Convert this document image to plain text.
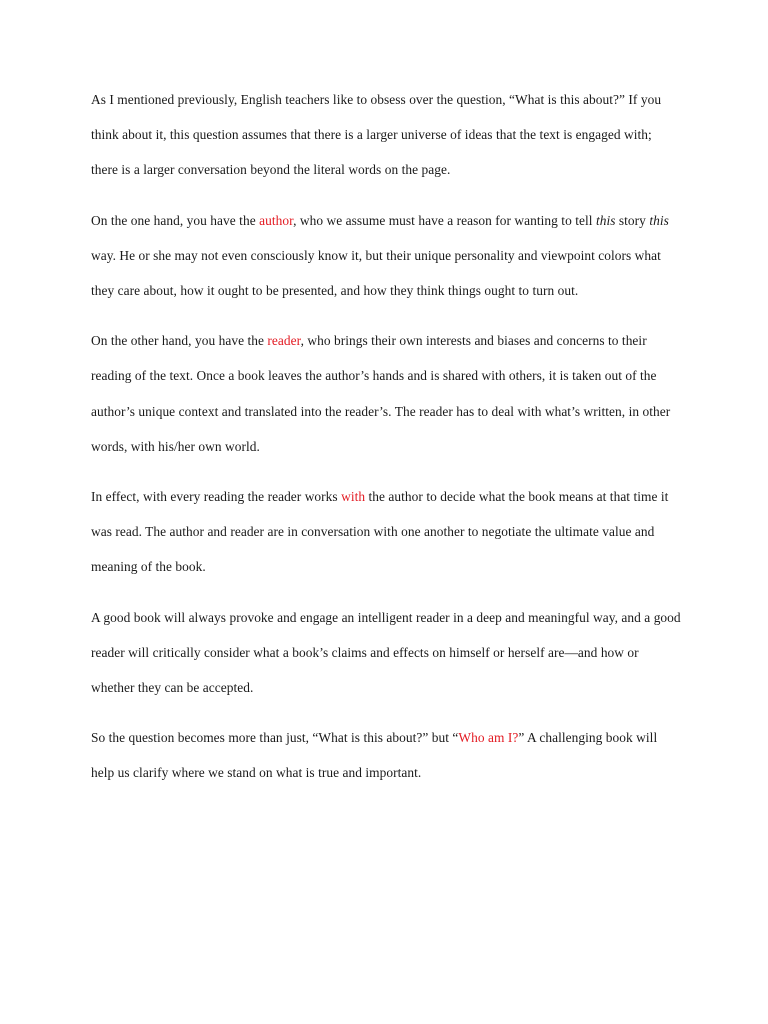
As I mentioned previously, English teachers like to obsess over the question, “What is this about?” If you think about it, this question assumes that there is a larger universe of ideas that the text is engaged with; there is a larger conversation beyond the literal words on the page.

On the one hand, you have the author, who we assume must have a reason for wanting to tell this story this way. He or she may not even consciously know it, but their unique personality and viewpoint colors what they care about, how it ought to be presented, and how they think things ought to turn out.

On the other hand, you have the reader, who brings their own interests and biases and concerns to their reading of the text. Once a book leaves the author’s hands and is shared with others, it is taken out of the author’s unique context and translated into the reader’s. The reader has to deal with what’s written, in other words, with his/her own world.

In effect, with every reading the reader works with the author to decide what the book means at that time it was read. The author and reader are in conversation with one another to negotiate the ultimate value and meaning of the book.

A good book will always provoke and engage an intelligent reader in a deep and meaningful way, and a good reader will critically consider what a book’s claims and effects on himself or herself are—and how or whether they can be accepted.

So the question becomes more than just, “What is this about?” but “Who am I?” A challenging book will help us clarify where we stand on what is true and important.
